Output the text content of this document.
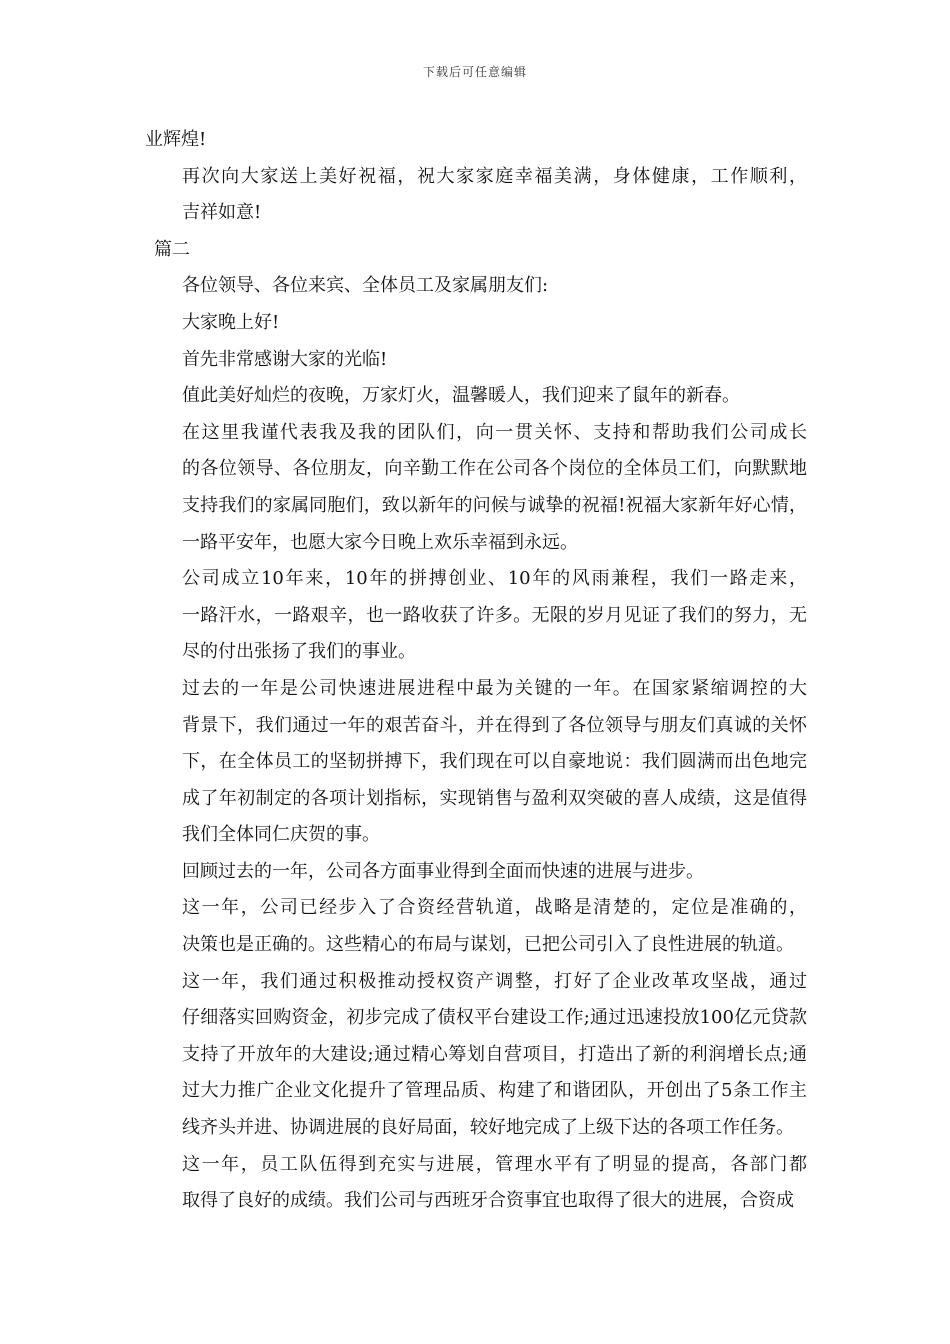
下载后可任意编辑
业辉煌!
再次向大家送上美好祝福，祝大家家庭幸福美满，身体健康，工作顺利，
吉祥如意!
篇二
各位领导、各位来宾、全体员工及家属朋友们:
大家晚上好!
首先非常感谢大家的光临!
值此美好灿烂的夜晚，万家灯火，温馨暖人，我们迎来了鼠年的新春。
在这里我谨代表我及我的团队们，向一贯关怀、支持和帮助我们公司成长
的各位领导、各位朋友，向辛勤工作在公司各个岗位的全体员工们，向默默地
支持我们的家属同胞们，致以新年的问候与诚挚的祝福!祝福大家新年好心情，
一路平安年，也愿大家今日晚上欢乐幸福到永远。
公司成立10年来，10年的拼搏创业、10年的风雨兼程，我们一路走来，
一路汗水，一路艰辛，也一路收获了许多。无限的岁月见证了我们的努力，无
尽的付出张扬了我们的事业。
过去的一年是公司快速进展进程中最为关键的一年。在国家紧缩调控的大
背景下，我们通过一年的艰苦奋斗，并在得到了各位领导与朋友们真诚的关怀
下，在全体员工的坚韧拼搏下，我们现在可以自豪地说：我们圆满而出色地完
成了年初制定的各项计划指标，实现销售与盈利双突破的喜人成绩，这是值得
我们全体同仁庆贺的事。
回顾过去的一年，公司各方面事业得到全面而快速的进展与进步。
这一年，公司已经步入了合资经营轨道，战略是清楚的，定位是准确的，
决策也是正确的。这些精心的布局与谋划，已把公司引入了良性进展的轨道。
这一年，我们通过积极推动授权资产调整，打好了企业改革攻坚战，通过
仔细落实回购资金，初步完成了债权平台建设工作;通过迅速投放100亿元贷款
支持了开放年的大建设;通过精心筹划自营项目，打造出了新的利润增长点;通
过大力推广企业文化提升了管理品质、构建了和谐团队，开创出了5条工作主
线齐头并进、协调进展的良好局面，较好地完成了上级下达的各项工作任务。
这一年，员工队伍得到充实与进展，管理水平有了明显的提高，各部门都
取得了良好的成绩。我们公司与西班牙合资事宜也取得了很大的进展，合资成
